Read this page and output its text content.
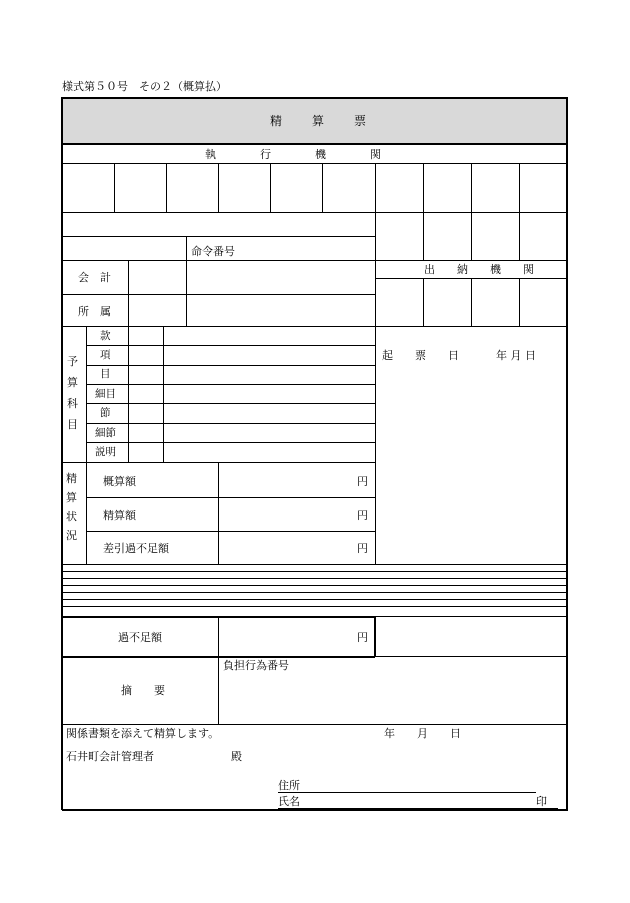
様式第５０号　その２（概算払）
精　　算　　票
執　　　　行　　　　機　　　　関
命令番号
会　計
所　属
出　　納　　機　　関
予
算
科
目
款
項
目
細目
節
細節
説明
起　　票　　日	年 月 日
精
算
状
況
概算額	円
精算額	円
差引過不足額	円
過不足額	円
摘　　要
負担行為番号
関係書類を添えて精算します。	年　　月　　日
石井町会計管理者	殿
住所
氏名	印
